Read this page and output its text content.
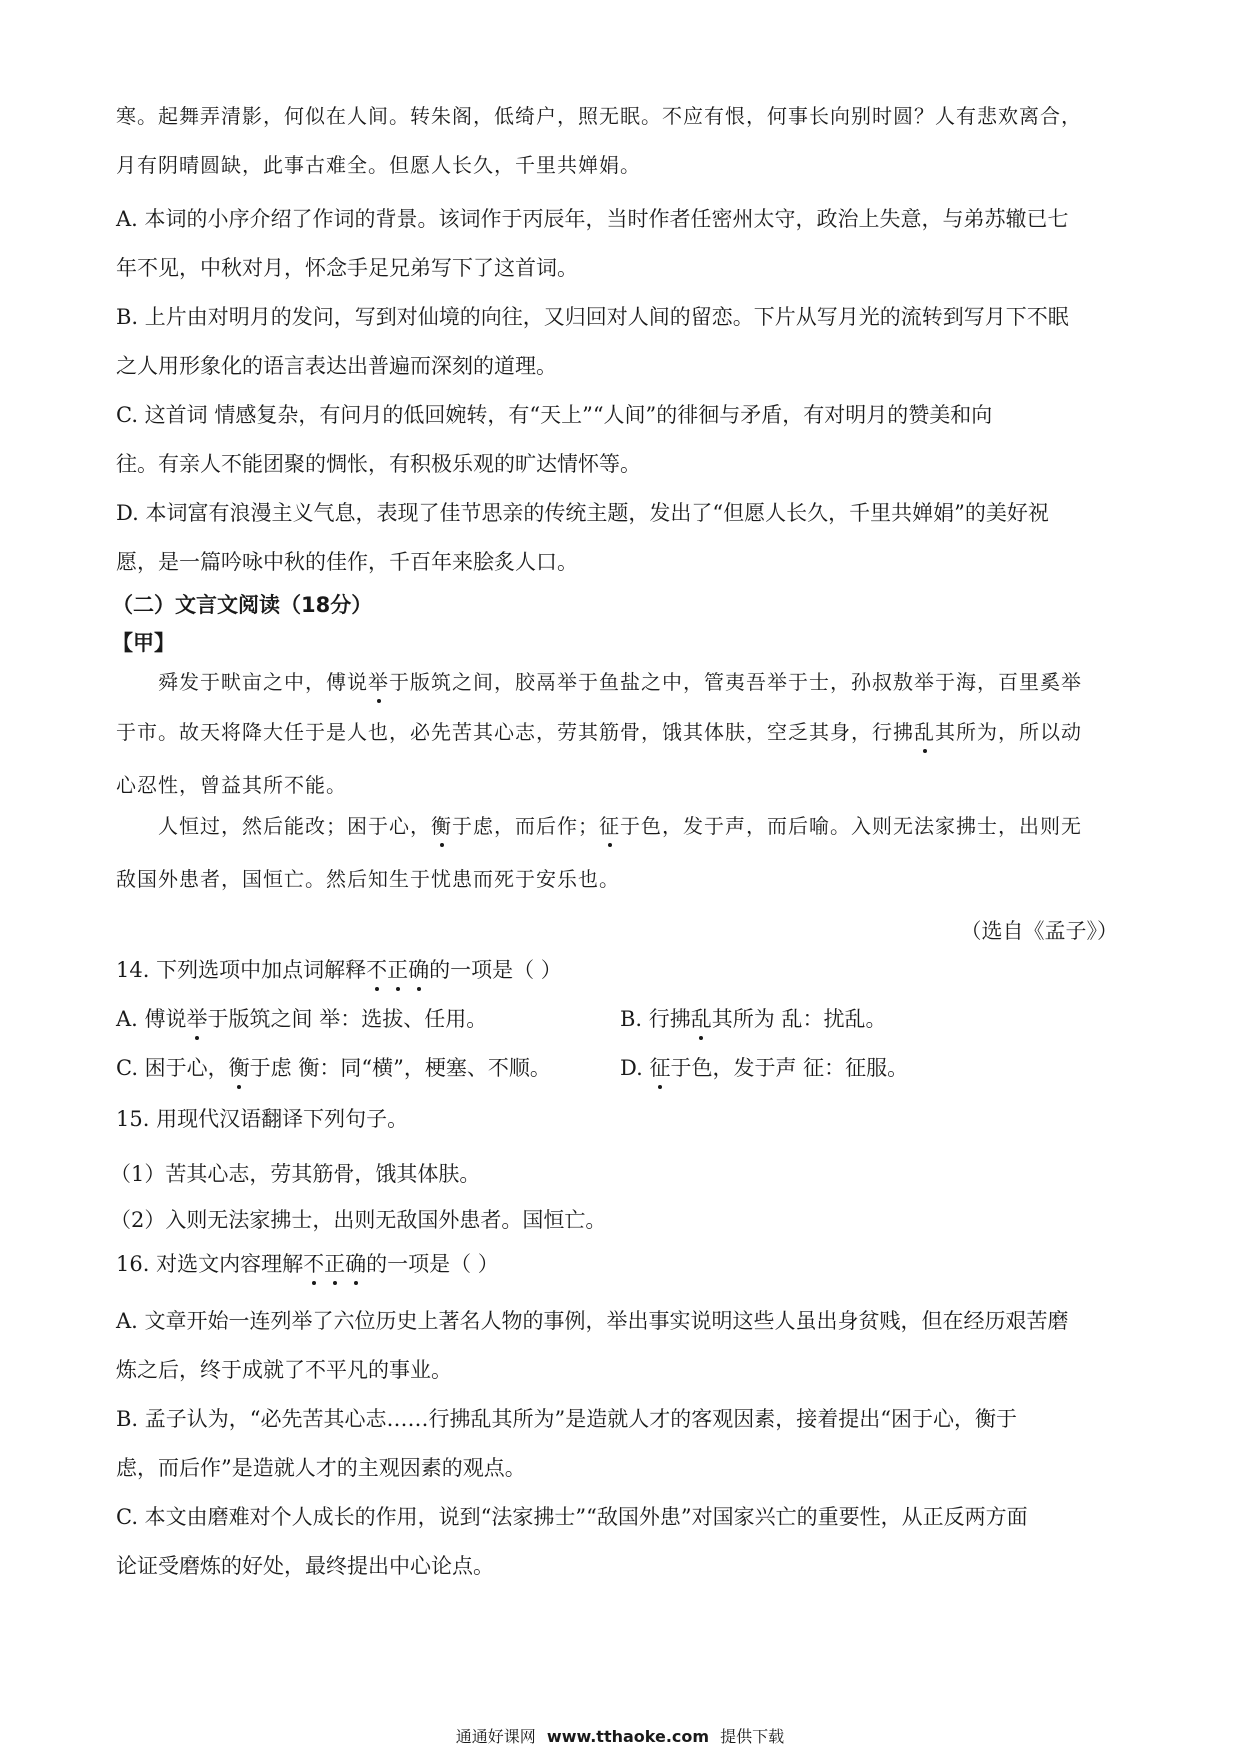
寒。起舞弄清影，何似在人间。转朱阁，低绮户，照无眠。不应有恨，何事长向别时圆？人有悲欢离合，
月有阴晴圆缺，此事古难全。但愿人长久，千里共婵娟。
A. 本词的小序介绍了作词的背景。该词作于丙辰年，当时作者任密州太守，政治上失意，与弟苏辙已七
年不见，中秋对月，怀念手足兄弟写下了这首词。
B. 上片由对明月的发问，写到对仙境的向往，又归回对人间的留恋。下片从写月光的流转到写月下不眠
之人用形象化的语言表达出普遍而深刻的道理。
C. 这首词 情感复杂，有问月的低回婉转，有“天上”“人间”的徘徊与矛盾，有对明月的赞美和向
往。有亲人不能团聚的惆怅，有积极乐观的旷达情怀等。
D. 本词富有浪漫主义气息，表现了佳节思亲的传统主题，发出了“但愿人长久，千里共婵娟”的美好祝
愿，是一篇吟咏中秋的佳作，千百年来脍炙人口。
（二）文言文阅读（18分）
【甲】
舜发于畎亩之中，傅说举于版筑之间，胶鬲举于鱼盐之中，管夷吾举于士，孙叔敖举于海，百里奚举
于市。故天将降大任于是人也，必先苦其心志，劳其筋骨，饿其体肤，空乏其身，行拂乱其所为，所以动
心忍性，曾益其所不能。
人恒过，然后能改；困于心，衡于虑，而后作；征于色，发于声，而后喻。入则无法家拂士，出则无
敌国外患者，国恒亡。然后知生于忧患而死于安乐也。
（选自《孟子》）
14. 下列选项中加点词解释不正确的一项是（ ）
A. 傅说举于版筑之间 举：选拔、任用。	B. 行拂乱其所为 乱：扰乱。
C. 困于心，衡于虑 衡：同“横”，梗塞、不顺。	D. 征于色，发于声 征：征服。
15. 用现代汉语翻译下列句子。
（1）苦其心志，劳其筋骨，饿其体肤。
（2）入则无法家拂士，出则无敌国外患者。国恒亡。
16. 对选文内容理解不正确的一项是（ ）
A. 文章开始一连列举了六位历史上著名人物的事例，举出事实说明这些人虽出身贫贱，但在经历艰苦磨
炼之后，终于成就了不平凡的事业。
B. 孟子认为，“必先苦其心志……行拂乱其所为”是造就人才的客观因素，接着提出“困于心，衡于
虑，而后作”是造就人才的主观因素的观点。
C. 本文由磨难对个人成长的作用，说到“法家拂士”“敌国外患”对国家兴亡的重要性，从正反两方面
论证受磨炼的好处，最终提出中心论点。
通通好课网 www.tthaoke.com 提供下载
